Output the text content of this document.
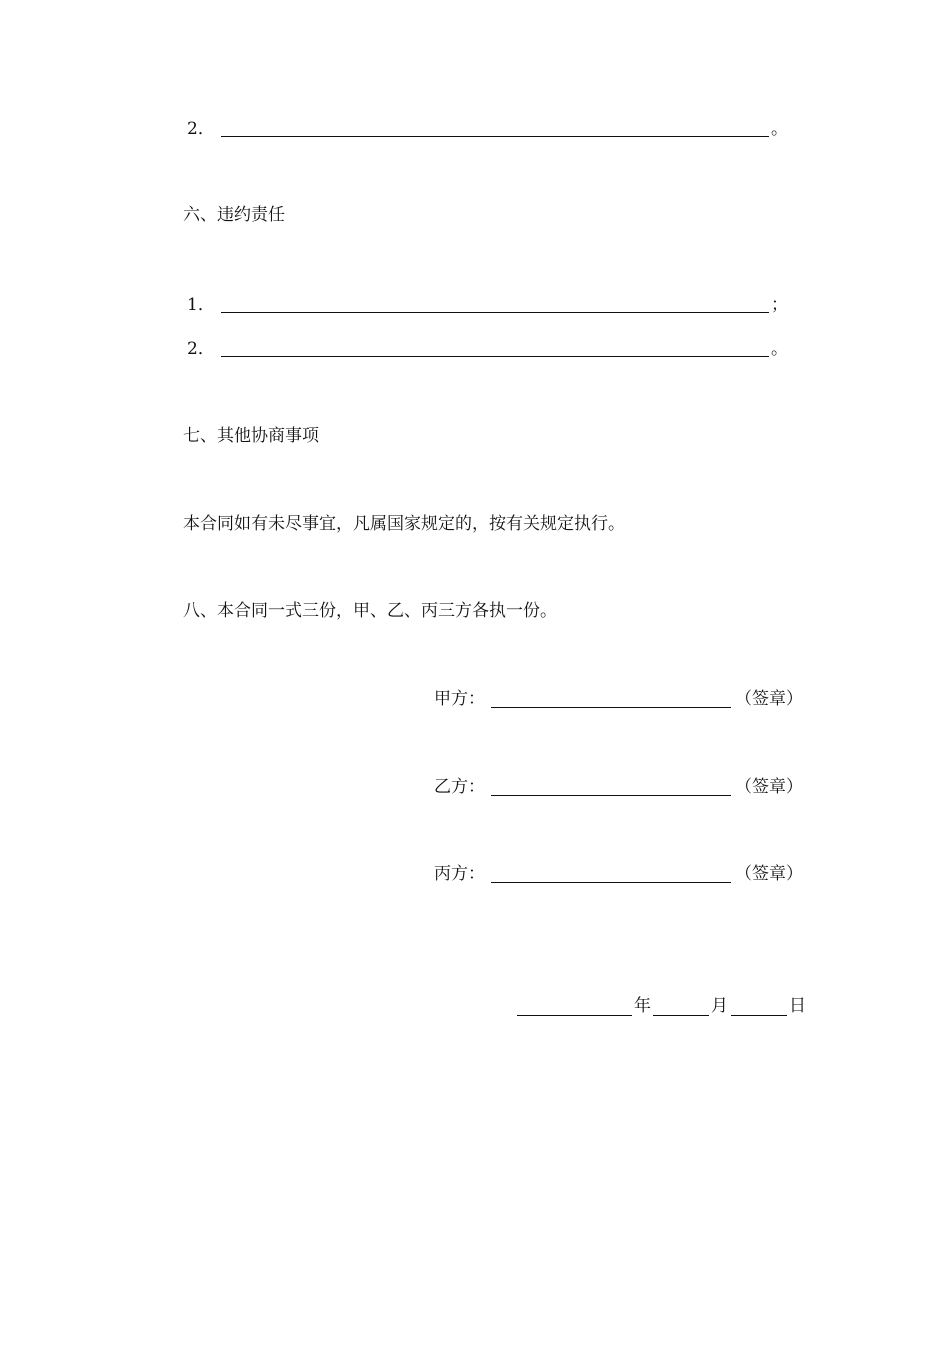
2．	。
六、违约责任
1．	；
2．	。
七、其他协商事项
本合同如有未尽事宜，凡属国家规定的，按有关规定执行。
八、本合同一式三份，甲、乙、丙三方各执一份。
甲方：	（签章）
乙方：	（签章）
丙方：	（签章）
年	月	日
